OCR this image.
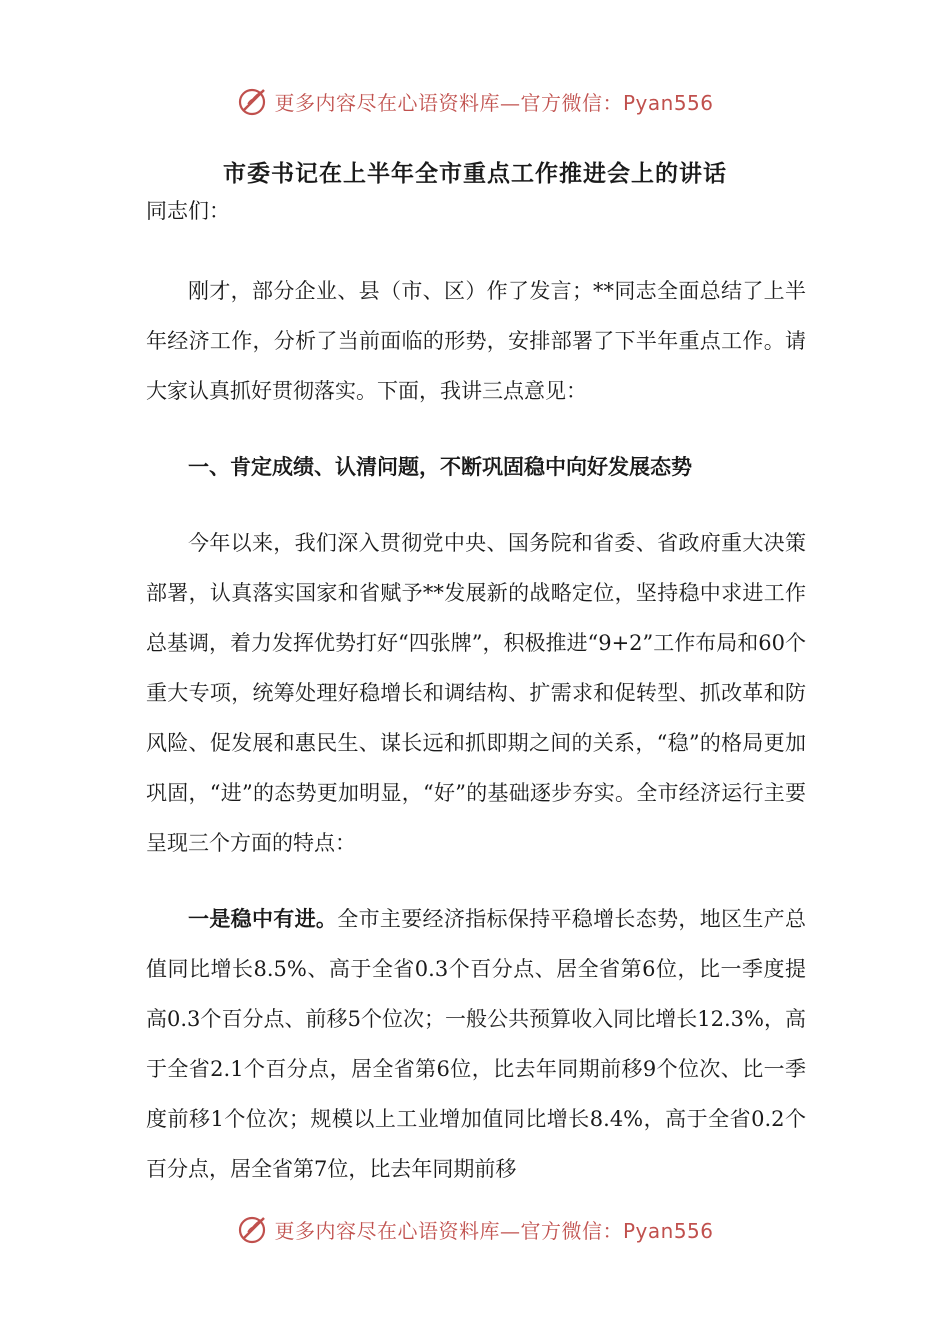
更多内容尽在心语资料库—官方微信：Pyan556
市委书记在上半年全市重点工作推进会上的讲话

同志们：

刚才，部分企业、县（市、区）作了发言；**同志全面总结了上半年经济工作，分析了当前面临的形势，安排部署了下半年重点工作。请大家认真抓好贯彻落实。下面，我讲三点意见：

一、肯定成绩、认清问题，不断巩固稳中向好发展态势

今年以来，我们深入贯彻党中央、国务院和省委、省政府重大决策部署，认真落实国家和省赋予**发展新的战略定位，坚持稳中求进工作总基调，着力发挥优势打好“四张牌”，积极推进“9+2”工作布局和60个重大专项，统筹处理好稳增长和调结构、扩需求和促转型、抓改革和防风险、促发展和惠民生、谋长远和抓即期之间的关系，“稳”的格局更加巩固，“进”的态势更加明显，“好”的基础逐步夯实。全市经济运行主要呈现三个方面的特点：

一是稳中有进。全市主要经济指标保持平稳增长态势，地区生产总值同比增长8.5%、高于全省0.3个百分点、居全省第6位，比一季度提高0.3个百分点、前移5个位次；一般公共预算收入同比增长12.3%，高于全省2.1个百分点，居全省第6位，比去年同期前移9个位次、比一季度前移1个位次；规模以上工业增加值同比增长8.4%，高于全省0.2个百分点，居全省第7位，比去年同期前移

更多内容尽在心语资料库—官方微信：Pyan556
